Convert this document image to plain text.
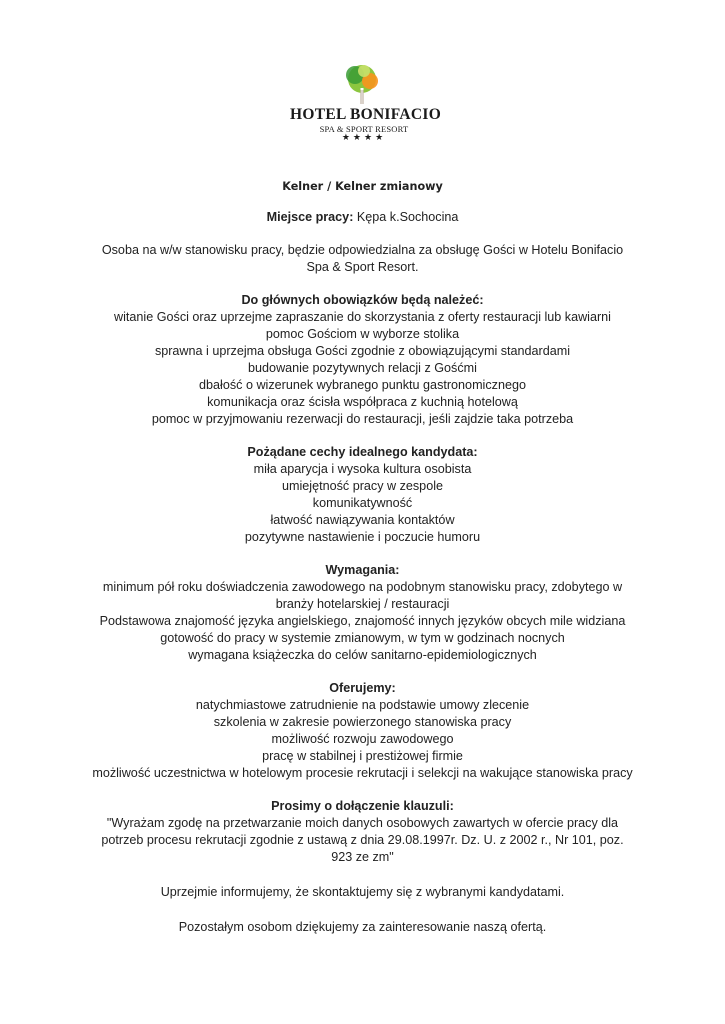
HOTEL BONIFACIO
SPA & SPORT RESORT
★★★★

Kelner / Kelner zmianowy

Miejsce pracy: Kępa k.Sochocina

Osoba na w/w stanowisku pracy, będzie odpowiedzialna za obsługę Gości w Hotelu Bonifacio

Spa & Sport Resort.

Do głównych obowiązków będą należeć:

witanie Gości oraz uprzejme zapraszanie do skorzystania z oferty restauracji lub kawiarni

pomoc Gościom w wyborze stolika

sprawna i uprzejma obsługa Gości zgodnie z obowiązującymi standardami

budowanie pozytywnych relacji z Gośćmi

dbałość o wizerunek wybranego punktu gastronomicznego

komunikacja oraz ścisła współpraca z kuchnią hotelową

pomoc w przyjmowaniu rezerwacji do restauracji, jeśli zajdzie taka potrzeba

Pożądane cechy idealnego kandydata:

miła aparycja i wysoka kultura osobista

umiejętność pracy w zespole

komunikatywność

łatwość nawiązywania kontaktów

pozytywne nastawienie i poczucie humoru

Wymagania:

minimum pół roku doświadczenia zawodowego na podobnym stanowisku pracy, zdobytego w

branży hotelarskiej / restauracji

Podstawowa znajomość języka angielskiego, znajomość innych języków obcych mile widziana

gotowość do pracy w systemie zmianowym, w tym w godzinach nocnych

wymagana książeczka do celów sanitarno-epidemiologicznych

Oferujemy:

natychmiastowe zatrudnienie na podstawie umowy zlecenie

szkolenia w zakresie powierzonego stanowiska pracy

możliwość rozwoju zawodowego

pracę w stabilnej i prestiżowej firmie

możliwość uczestnictwa w hotelowym procesie rekrutacji i selekcji na wakujące stanowiska pracy

Prosimy o dołączenie klauzuli:

"Wyrażam zgodę na przetwarzanie moich danych osobowych zawartych w ofercie pracy dla

potrzeb procesu rekrutacji zgodnie z ustawą z dnia 29.08.1997r. Dz. U. z 2002 r., Nr 101, poz.

923 ze zm"

Uprzejmie informujemy, że skontaktujemy się z wybranymi kandydatami.

Pozostałym osobom dziękujemy za zainteresowanie naszą ofertą.
